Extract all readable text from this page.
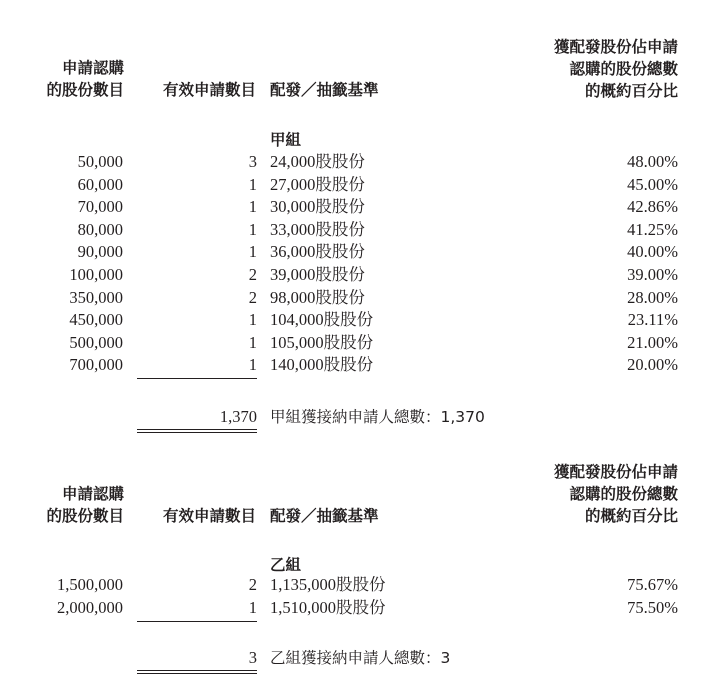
申請認購
的股份數目	有效申請數目 配發／抽籤基準
獲配發股份佔申請
認購的股份總數
的概約百分比
甲組
50,000	3 24,000股股份	48.00%
60,000	1 27,000股股份	45.00%
70,000	1 30,000股股份	42.86%
80,000	1 33,000股股份	41.25%
90,000	1 36,000股股份	40.00%
100,000	2 39,000股股份	39.00%
350,000	2 98,000股股份	28.00%
450,000	1 104,000股股份	23.11%
500,000	1 105,000股股份	21.00%
700,000	1 140,000股股份	20.00%
1,370 甲組獲接納申請人總數：1,370
申請認購
的股份數目	有效申請數目 配發／抽籤基準
獲配發股份佔申請
認購的股份總數
的概約百分比
乙組
1,500,000	2 1,135,000股股份	75.67%
2,000,000	1 1,510,000股股份	75.50%
3 乙組獲接納申請人總數：3
